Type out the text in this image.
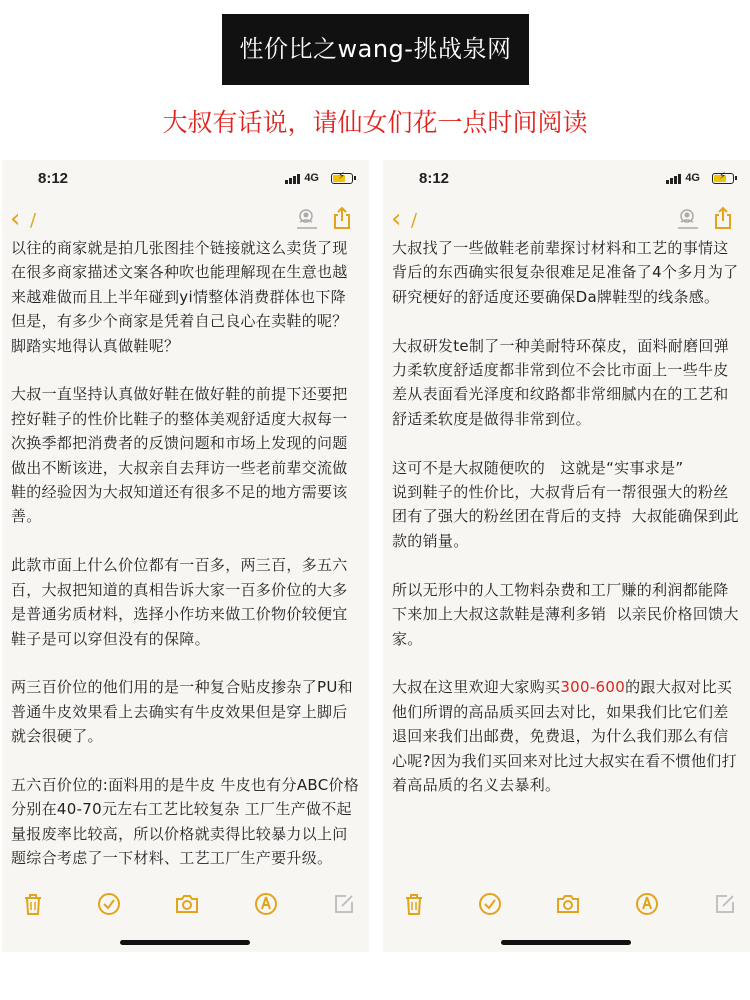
性价比之wang-挑战泉网
大叔有话说，请仙女们花一点时间阅读
8:12	4G ⚡
‹ /

以往的商家就是拍几张图挂个链接就这么卖货了现在很多商家描述文案各种吹也能理解现在生意也越来越难做而且上半年碰到yi情整体消费群体也下降但是，有多少个商家是凭着自己良心在卖鞋的呢？脚踏实地得认真做鞋呢？

大叔一直坚持认真做好鞋在做好鞋的前提下还要把控好鞋子的性价比鞋子的整体美观舒适度大叔每一次换季都把消费者的反馈问题和市场上发现的问题做出不断该进，大叔亲自去拜访一些老前辈交流做鞋的经验因为大叔知道还有很多不足的地方需要该善。

此款市面上什么价位都有一百多，两三百，多五六百，大叔把知道的真相告诉大家一百多价位的大多是普通劣质材料，选择小作坊来做工价物价较便宜鞋子是可以穿但没有的保障。

两三百价位的他们用的是一种复合贴皮掺杂了PU和普通牛皮效果看上去确实有牛皮效果但是穿上脚后就会很硬了。

五六百价位的:面料用的是牛皮 牛皮也有分ABC价格分别在40-70元左右工艺比较复杂 工厂生产做不起量报废率比较高，所以价格就卖得比较暴力以上问题综合考虑了一下材料、工艺工厂生产要升级。

8:12	4G ⚡
‹ /

大叔找了一些做鞋老前辈探讨材料和工艺的事情这背后的东西确实很复杂很难足足准备了4个多月为了研究梗好的舒适度还要确保Da牌鞋型的线条感。

大叔研发te制了一种美耐特环葆皮，面料耐磨回弹力柔软度舒适度都非常到位不会比市面上一些牛皮差从表面看光泽度和纹路都非常细腻内在的工艺和舒适柔软度是做得非常到位。

这可不是大叔随便吹的   这就是“实事求是”
说到鞋子的性价比，大叔背后有一帮很强大的粉丝团有了强大的粉丝团在背后的支持  大叔能确保到此款的销量。

所以无形中的人工物料杂费和工厂赚的利润都能降下来加上大叔这款鞋是薄利多销  以亲民价格回馈大家。

大叔在这里欢迎大家购买300-600的跟大叔对比买他们所谓的高品质买回去对比，如果我们比它们差退回来我们出邮费，免费退，为什么我们那么有信心呢?因为我们买回来对比过大叔实在看不惯他们打着高品质的名义去暴利。
